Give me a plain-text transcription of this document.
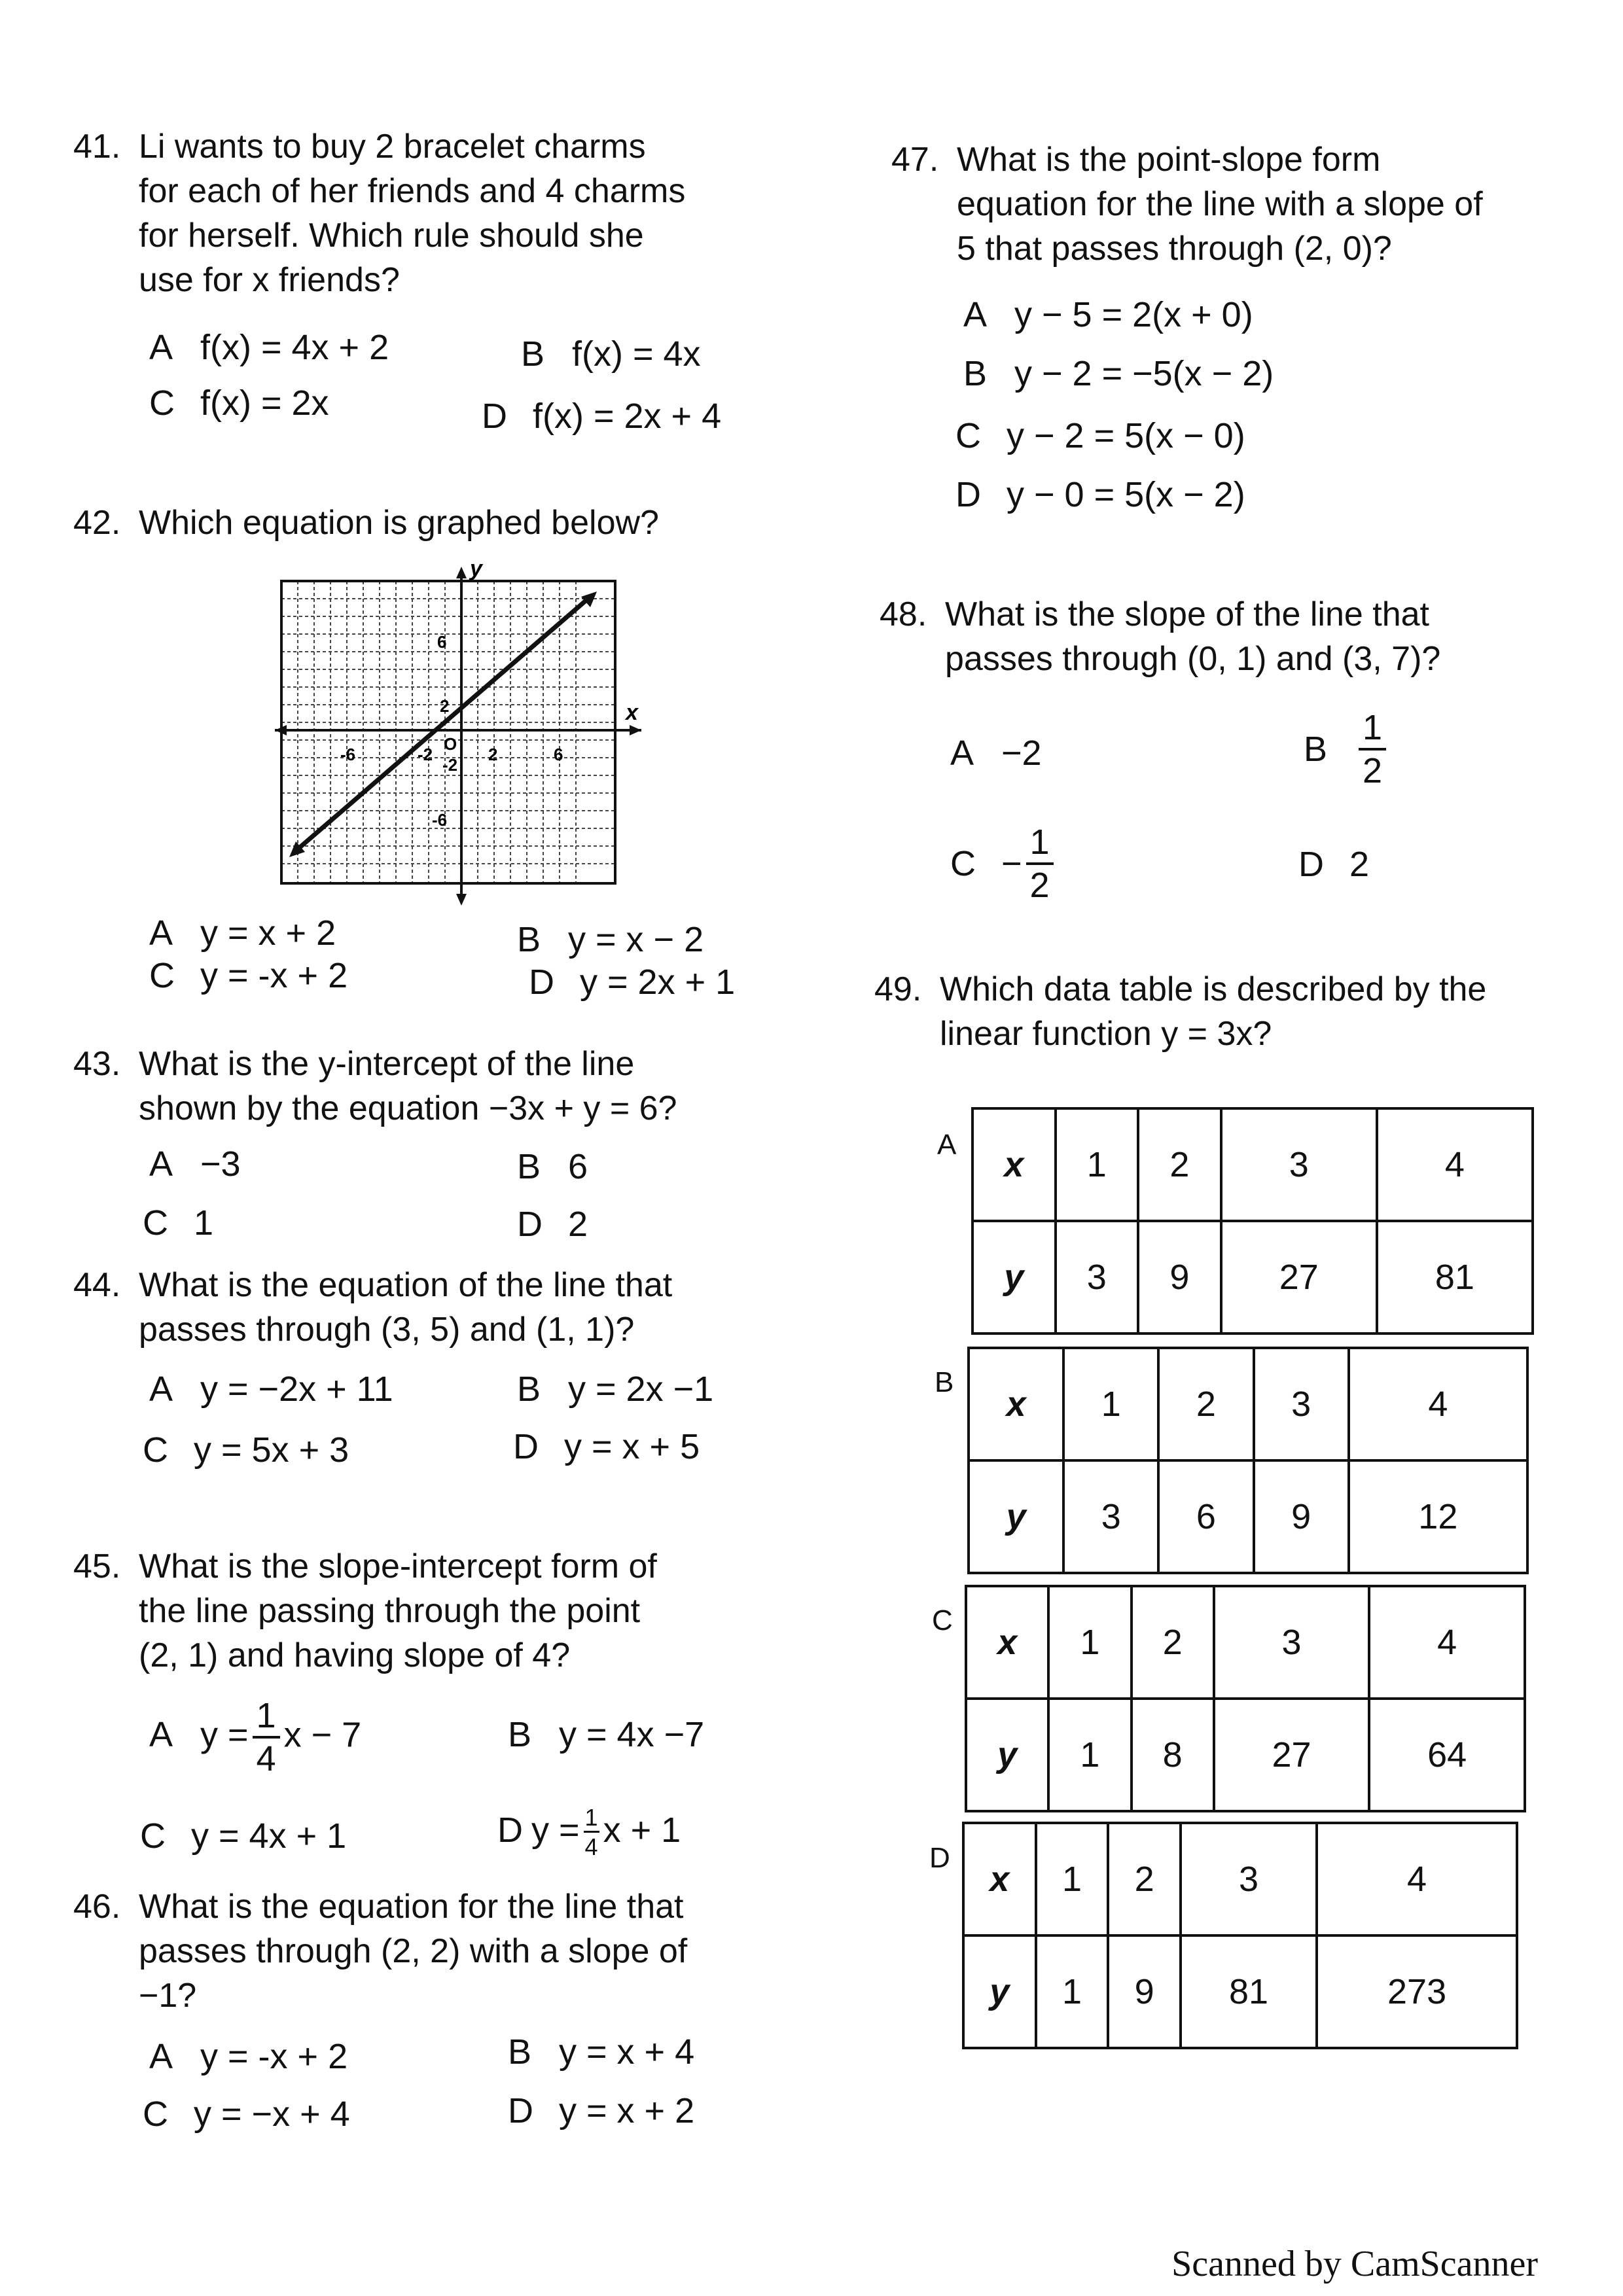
41. Li wants to buy 2 bracelet charms
for each of her friends and 4 charms
for herself. Which rule should she
use for x friends?
A f(x) = 4x + 2	B f(x) = 4x
C f(x) = 2x	D f(x) = 2x + 4
42. Which equation is graphed below?
x
y
-6	-2	2	6
6
2
-2
-6
O
A y = x + 2	B y = x − 2
C y = -x + 2	D y = 2x + 1
43. What is the y-intercept of the line
shown by the equation −3x + y = 6?
A −3	B 6
C 1	D 2
44. What is the equation of the line that
passes through (3, 5) and (1, 1)?
A y = −2x + 11	B y = 2x −1
C y = 5x + 3	D y = x + 5
45. What is the slope-intercept form of
the line passing through the point
(2, 1) and having slope of 4?
A $y = \frac{1}{4}$ x − 7	B y = 4x −7
C y = 4x + 1	D $y = \frac{1}{4}$ x + 1
46. What is the equation for the line that
passes through (2, 2) with a slope of
−1?
A y = -x + 2	B y = x + 4
C y = −x + 4	D y = x + 2
47. What is the point-slope form
equation for the line with a slope of
5 that passes through (2, 0)?
A y − 5 = 2(x + 0)
B y − 2 = −5(x − 2)
C y − 2 = 5(x − 0)
D y − 0 = 5(x − 2)
48. What is the slope of the line that
passes through (0, 1) and (3, 7)?
A −2	B $\frac{1}{2}$
$C - \frac{1}{2}$	D 2
49. Which data table is described by the
linear function y = 3x?
A
x	1	2	3	4
y	3	9	27	81
B
x	1	2	3	4
y	3	6	9	12
C
x	1	2	3	4
y	1	8	27	64
D
x	1	2	3	4
y	1	9	81	273
Scanned by CamScanner
